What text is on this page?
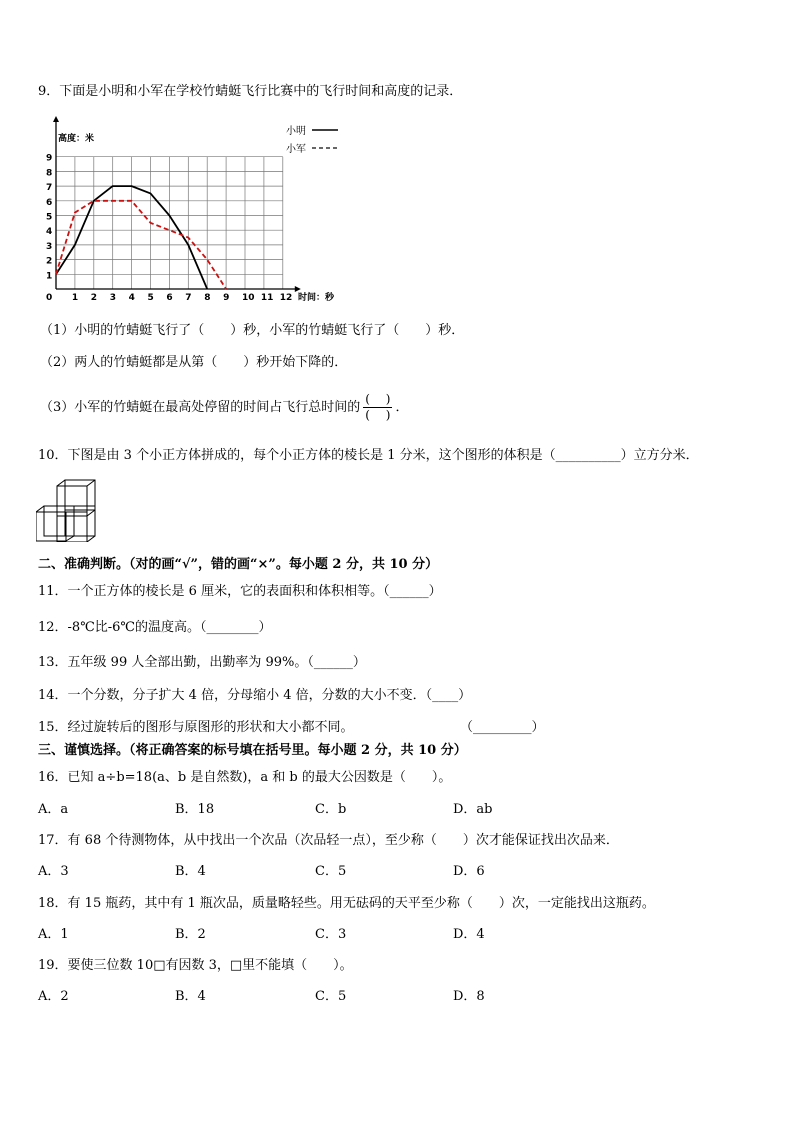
9．下面是小明和小军在学校竹蜻蜓飞行比赛中的飞行时间和高度的记录．
0 1 2 3 4 5 6 7 8 9 10 11 12
1
2
3
4
5
6
7
8
9
高度：米
时间：秒
小明
小军
（1）小明的竹蜻蜓飞行了（　　）秒，小军的竹蜻蜓飞行了（　　）秒．
（2）两人的竹蜻蜓都是从第（　　）秒开始下降的．
（3）小军的竹蜻蜓在最高处停留的时间占飞行总时间的 $\frac{( )}{( )}$ ．
10．下图是由 3 个小正方体拼成的，每个小正方体的棱长是 1 分米，这个图形的体积是（__________）立方分米．
二、准确判断。（对的画“√”，错的画“×”。每小题 2 分，共 10 分）
11．一个正方体的棱长是 6 厘米，它的表面积和体积相等。（______）
12．-8℃比-6℃的温度高。（________）
13．五年级 99 人全部出勤，出勤率为 99%。（______）
14．一个分数，分子扩大 4 倍，分母缩小 4 倍，分数的大小不变．（____）
15．经过旋转后的图形与原图形的形状和大小都不同。	（_________）
三、谨慎选择。（将正确答案的标号填在括号里。每小题 2 分，共 10 分）
16．已知 a÷b=18(a、b 是自然数)，a 和 b 的最大公因数是（　　）。
A．a	B．18	C．b	D．ab
17．有 68 个待测物体，从中找出一个次品（次品轻一点），至少称（　　）次才能保证找出次品来．
A．3	B．4	C．5	D．6
18．有 15 瓶药，其中有 1 瓶次品，质量略轻些。用无砝码的天平至少称（　　）次，一定能找出这瓶药。
A．1	B．2	C．3	D．4
19．要使三位数 10□有因数 3，□里不能填（　　）。
A．2	B．4	C．5	D．8
